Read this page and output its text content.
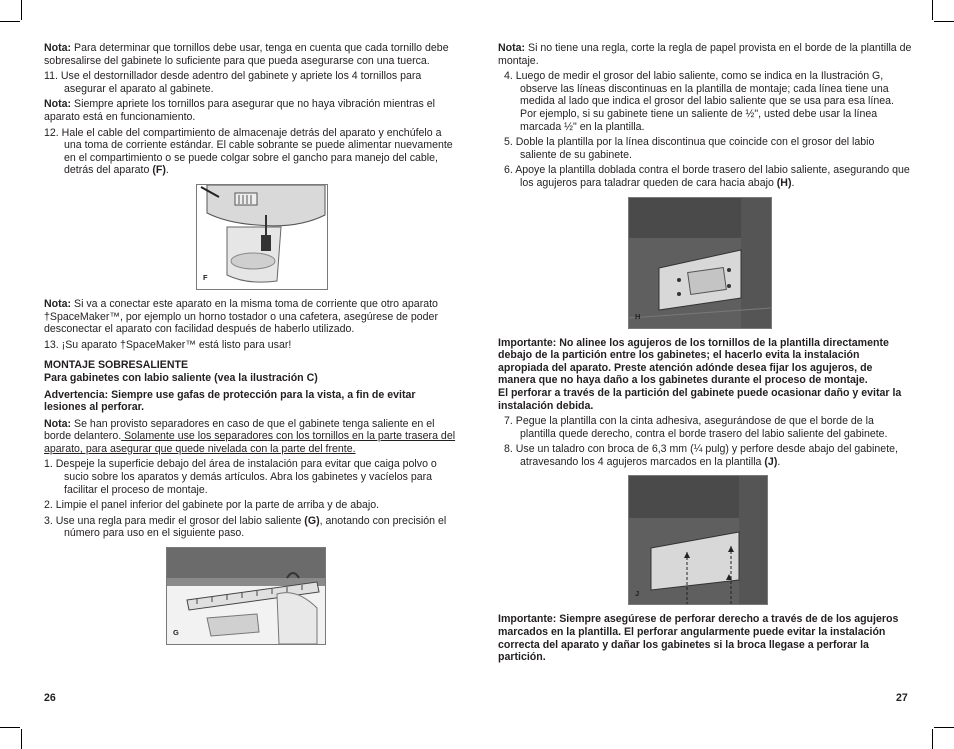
Nota: Para determinar que tornillos debe usar, tenga en cuenta que cada tornillo debe sobresalirse del gabinete lo suficiente para que pueda asegurarse con una tuerca.

11. Use el destornillador desde adentro del gabinete y apriete los 4 tornillos para asegurar el aparato al gabinete.

Nota: Siempre apriete los tornillos para asegurar que no haya vibración mientras el aparato está en funcionamiento.

12. Hale el cable del compartimiento de almacenaje detrás del aparato y enchúfelo a una toma de corriente estándar. El cable sobrante se puede alimentar nuevamente en el compartimiento o se puede colgar sobre el gancho para manejo del cable, detrás del aparato (F).

F

Nota: Si va a conectar este aparato en la misma toma de corriente que otro aparato †SpaceMaker™, por ejemplo un horno tostador o una cafetera, asegúrese de poder desconectar el aparato con facilidad después de haberlo utilizado.

13. ¡Su aparato †SpaceMaker™ está listo para usar!

MONTAJE SOBRESALIENTE

Para gabinetes con labio saliente (vea la ilustración C)

Advertencia: Siempre use gafas de protección para la vista, a fin de evitar lesiones al perforar.

Nota: Se han provisto separadores en caso de que el gabinete tenga saliente en el borde delantero. Solamente use los separadores con los tornillos en la parte trasera del aparato, para asegurar que quede nivelada con la parte del frente.

1. Despeje la superficie debajo del área de instalación para evitar que caiga polvo o sucio sobre los aparatos y demás artículos. Abra los gabinetes y vacíelos para facilitar el proceso de montaje.

2. Limpie el panel inferior del gabinete por la parte de arriba y de abajo.

3. Use una regla para medir el grosor del labio saliente (G), anotando con precisión el número para uso en el siguiente paso.

G
26

Nota: Si no tiene una regla, corte la regla de papel provista en el borde de la plantilla de montaje.

4. Luego de medir el grosor del labio saliente, como se indica en la Ilustración G, observe las líneas discontinuas en la plantilla de montaje; cada línea tiene una medida al lado que indica el grosor del labio saliente que se usa para esa línea. Por ejemplo, si su gabinete tiene un saliente de ½", usted debe usar la línea marcada ½" en la plantilla.

5. Doble la plantilla por la línea discontinua que coincide con el grosor del labio saliente de su gabinete.

6. Apoye la plantilla doblada contra el borde trasero del labio saliente, asegurando que los agujeros para taladrar queden de cara hacia abajo (H).

H

Importante: No alinee los agujeros de los tornillos de la plantilla directamente debajo de la partición entre los gabinetes; el hacerlo evita la instalación apropiada del aparato. Preste atención adónde desea fijar los agujeros, de manera que no haya daño a los gabinetes durante el proceso de montaje.

El perforar a través de la partición del gabinete puede ocasionar daño y evitar la instalación debida.

7. Pegue la plantilla con la cinta adhesiva, asegurándose de que el borde de la plantilla quede derecho, contra el borde trasero del labio saliente del gabinete.

8. Use un taladro con broca de 6,3 mm (¼ pulg) y perfore desde abajo del gabinete, atravesando los 4 agujeros marcados en la plantilla (J).

J

Importante: Siempre asegúrese de perforar derecho a través de de los agujeros marcados en la plantilla. El perforar angularmente puede evitar la instalación correcta del aparato y dañar los gabinetes si la broca llegase a perforar la partición.

27
